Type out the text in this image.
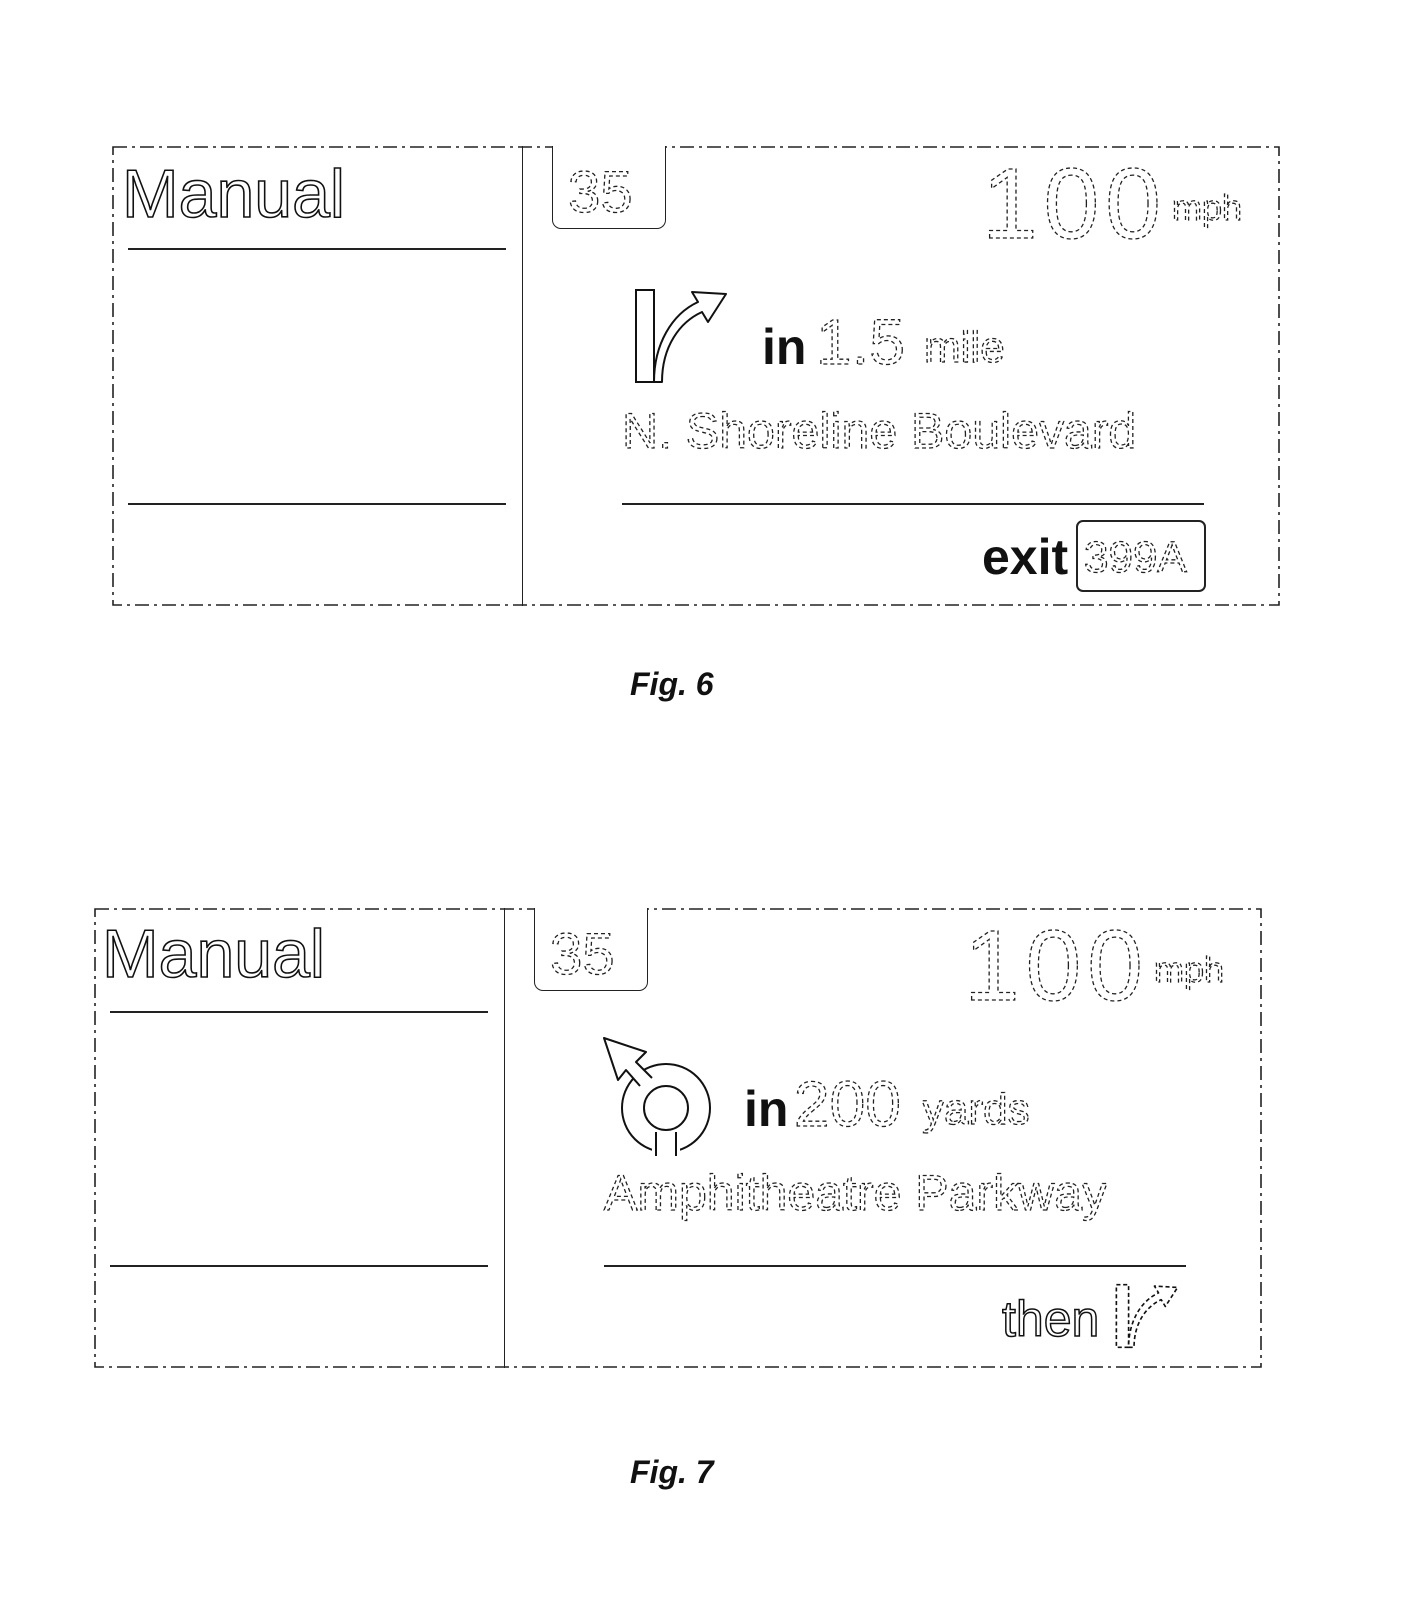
Manual	35	100 mph
in 1.5 mile
N. Shoreline Boulevard
exit 399A
Fig. 6
Manual	35	100 mph
in 200 yards
Amphitheatre Parkway
then
Fig. 7
